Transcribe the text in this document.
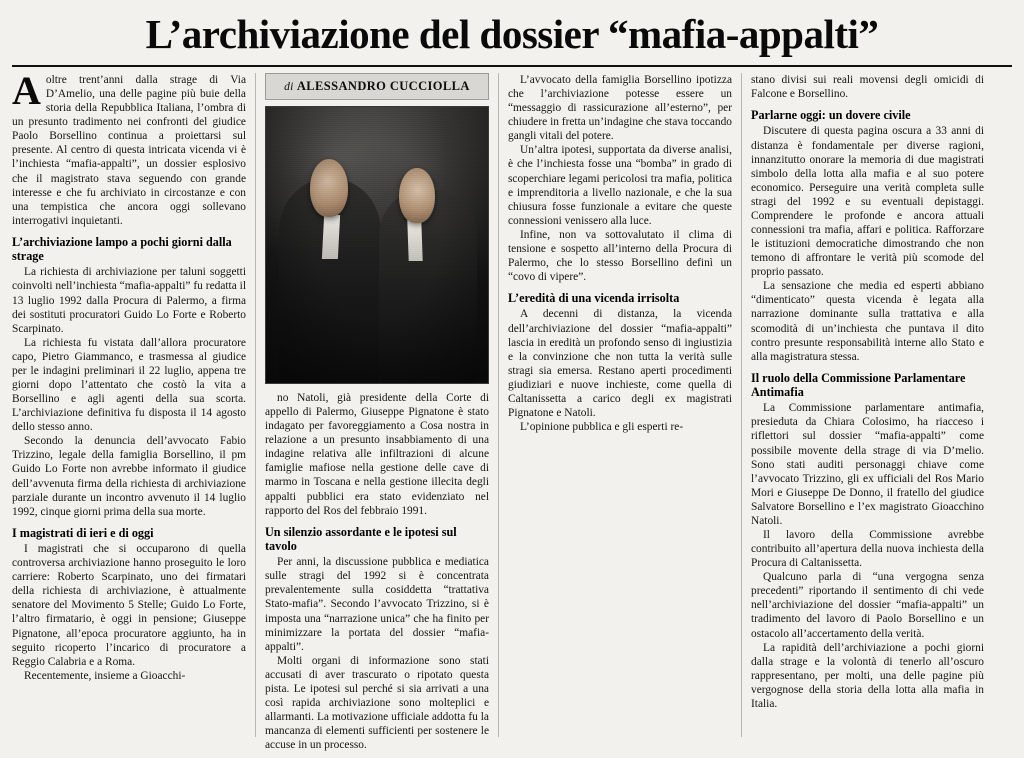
L’archiviazione del dossier “mafia-appalti”

Aoltre trent’anni dalla strage di Via D’Amelio, una delle pagine più buie della storia della Repubblica Italiana, l’ombra di un presunto tradimento nei confronti del giudice Paolo Borsellino continua a proiettarsi sul presente. Al centro di questa intricata vicenda vi è l’inchiesta “mafia-appalti”, un dossier esplosivo che il magistrato stava seguendo con grande interesse e che fu archiviato in circostanze e con una tempistica che ancora oggi sollevano interrogativi inquietanti.

L’archiviazione lampo a pochi giorni dalla strage

La richiesta di archiviazione per taluni soggetti coinvolti nell’inchiesta “mafia-appalti” fu redatta il 13 luglio 1992 dalla Procura di Palermo, a firma dei sostituti procuratori Guido Lo Forte e Roberto Scarpinato.

La richiesta fu vistata dall’allora procuratore capo, Pietro Giammanco, e trasmessa al giudice per le indagini preliminari il 22 luglio, appena tre giorni dopo l’attentato che costò la vita a Borsellino e agli agenti della sua scorta. L’archiviazione definitiva fu disposta il 14 agosto dello stesso anno.

Secondo la denuncia dell’avvocato Fabio Trizzino, legale della famiglia Borsellino, il pm Guido Lo Forte non avrebbe informato il giudice dell’avvenuta firma della richiesta di archiviazione parziale durante un incontro avvenuto il 14 luglio 1992, cinque giorni prima della sua morte.

I magistrati di ieri e di oggi

I magistrati che si occuparono di quella controversa archiviazione hanno proseguito le loro carriere: Roberto Scarpinato, uno dei firmatari della richiesta di archiviazione, è attualmente senatore del Movimento 5 Stelle; Guido Lo Forte, l’altro firmatario, è oggi in pensione; Giuseppe Pignatone, all’epoca procuratore aggiunto, ha in seguito ricoperto l’incarico di procuratore a Reggio Calabria e a Roma.

Recentemente, insieme a Gioacchi-

di ALESSANDRO CUCCIOLLA

no Natoli, già presidente della Corte di appello di Palermo, Giuseppe Pignatone è stato indagato per favoreggiamento a Cosa nostra in relazione a un presunto insabbiamento di una indagine relativa alle infiltrazioni di alcune famiglie mafiose nella gestione delle cave di marmo in Toscana e nella gestione illecita degli appalti pubblici era stato evidenziato nel rapporto del Ros del febbraio 1991.

Un silenzio assordante e le ipotesi sul tavolo

Per anni, la discussione pubblica e mediatica sulle stragi del 1992 si è concentrata prevalentemente sulla cosiddetta “trattativa Stato-mafia”. Secondo l’avvocato Trizzino, si è imposta una “narrazione unica” che ha finito per minimizzare la portata del dossier “mafia-appalti”.

Molti organi di informazione sono stati accusati di aver trascurato o ripotato questa pista. Le ipotesi sul perché si sia arrivati a una così rapida archiviazione sono molteplici e allarmanti. La motivazione ufficiale addotta fu la mancanza di elementi sufficienti per sostenere le accuse in un processo.

L’avvocato della famiglia Borsellino ipotizza che l’archiviazione potesse essere un “messaggio di rassicurazione all’esterno”, per chiudere in fretta un’indagine che stava toccando gangli vitali del potere.

Un’altra ipotesi, supportata da diverse analisi, è che l’inchiesta fosse una “bomba” in grado di scoperchiare legami pericolosi tra mafia, politica e imprenditoria a livello nazionale, e che la sua chiusura fosse funzionale a evitare che queste connessioni venissero alla luce.

Infine, non va sottovalutato il clima di tensione e sospetto all’interno della Procura di Palermo, che lo stesso Borsellino definì un “covo di vipere”.

L’eredità di una vicenda irrisolta

A decenni di distanza, la vicenda dell’archiviazione del dossier “mafia-appalti” lascia in eredità un profondo senso di ingiustizia e la convinzione che non tutta la verità sulle stragi sia emersa. Restano aperti procedimenti giudiziari e nuove inchieste, come quella di Caltanissetta a carico degli ex magistrati Pignatone e Natoli.

L’opinione pubblica e gli esperti re-

stano divisi sui reali movensi degli omicidi di Falcone e Borsellino.

Parlarne oggi: un dovere civile

Discutere di questa pagina oscura a 33 anni di distanza è fondamentale per diverse ragioni, innanzitutto onorare la memoria di due magistrati simbolo della lotta alla mafia e al suo potere economico. Perseguire una verità completa sulle stragi del 1992 e su eventuali depistaggi. Comprendere le profonde e ancora attuali connessioni tra mafia, affari e politica. Rafforzare le istituzioni democratiche dimostrando che non temono di affrontare le verità più scomode del proprio passato.

La sensazione che media ed esperti abbiano “dimenticato” questa vicenda è legata alla narrazione dominante sulla trattativa e alla scomodità di un’inchiesta che puntava il dito contro presunte responsabilità interne allo Stato e alla magistratura stessa.

Il ruolo della Commissione Parlamentare Antimafia

La Commissione parlamentare antimafia, presieduta da Chiara Colosimo, ha riacceso i riflettori sul dossier “mafia-appalti” come possibile movente della strage di via D’melio. Sono stati auditi personaggi chiave come l’avvocato Trizzino, gli ex ufficiali del Ros Mario Mori e Giuseppe De Donno, il fratello del giudice Salvatore Borsellino e l’ex magistrato Gioacchino Natoli.

Il lavoro della Commissione avrebbe contribuito all’apertura della nuova inchiesta della Procura di Caltanissetta.

Qualcuno parla di “una vergogna senza precedenti” riportando il sentimento di chi vede nell’archiviazione del dossier “mafia-appalti” un tradimento del lavoro di Paolo Borsellino e un ostacolo all’accertamento della verità.

La rapidità dell’archiviazione a pochi giorni dalla strage e la volontà di tenerlo all’oscuro rappresentano, per molti, una delle pagine più vergognose della storia della lotta alla mafia in Italia.
